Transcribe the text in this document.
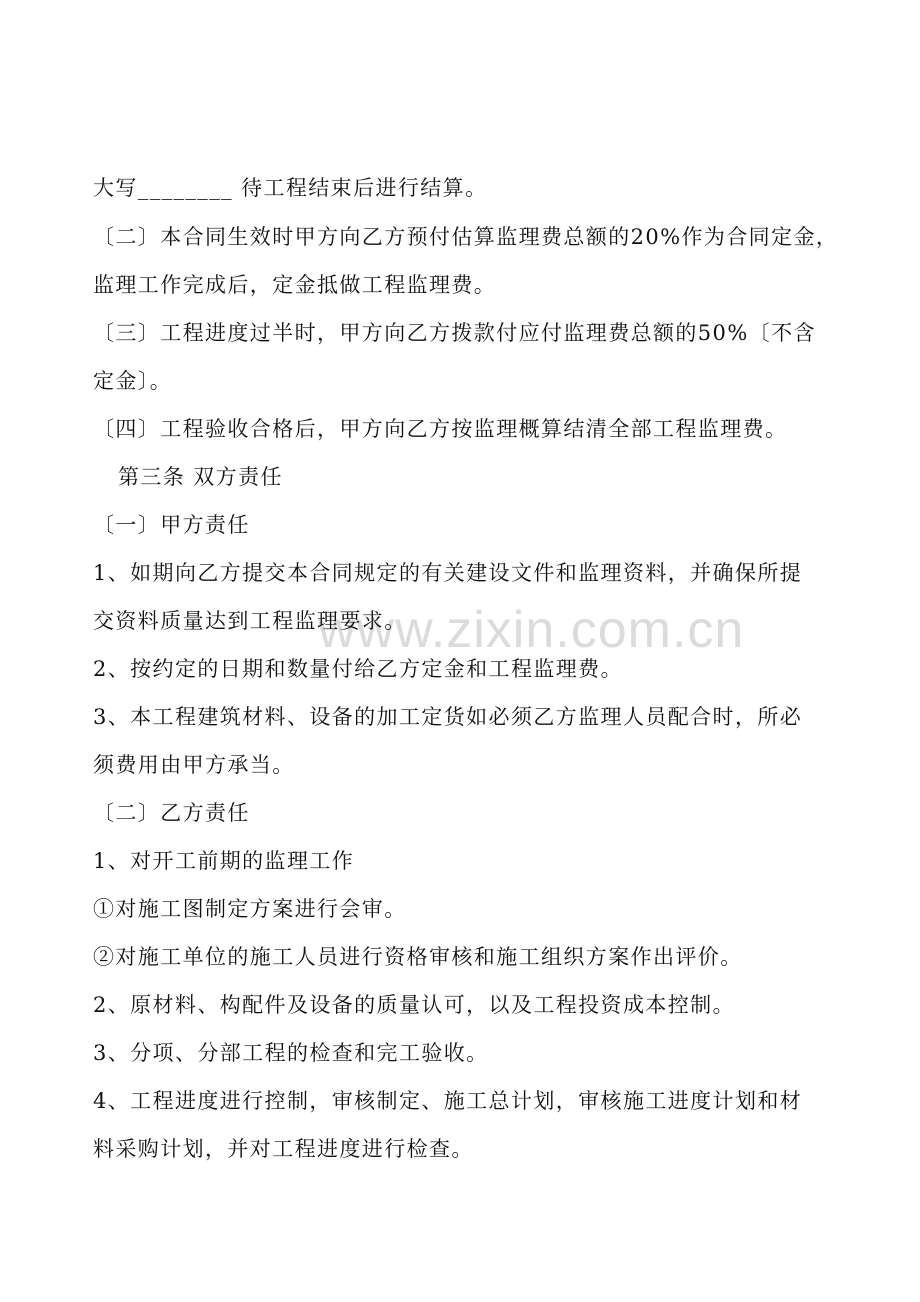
www.zixin.com.cn
大写________ 待工程结束后进行结算。
〔二〕本合同生效时甲方向乙方预付估算监理费总额的20%作为合同定金，
监理工作完成后，定金抵做工程监理费。
〔三〕工程进度过半时，甲方向乙方拨款付应付监理费总额的50%〔不含
定金〕。
〔四〕工程验收合格后，甲方向乙方按监理概算结清全部工程监理费。
第三条 双方责任
〔一〕甲方责任
1、如期向乙方提交本合同规定的有关建设文件和监理资料，并确保所提
交资料质量达到工程监理要求。
2、按约定的日期和数量付给乙方定金和工程监理费。
3、本工程建筑材料、设备的加工定货如必须乙方监理人员配合时，所必
须费用由甲方承当。
〔二〕乙方责任
1、对开工前期的监理工作
①对施工图制定方案进行会审。
②对施工单位的施工人员进行资格审核和施工组织方案作出评价。
2、原材料、构配件及设备的质量认可，以及工程投资成本控制。
3、分项、分部工程的检查和完工验收。
4、工程进度进行控制，审核制定、施工总计划，审核施工进度计划和材
料采购计划，并对工程进度进行检查。
